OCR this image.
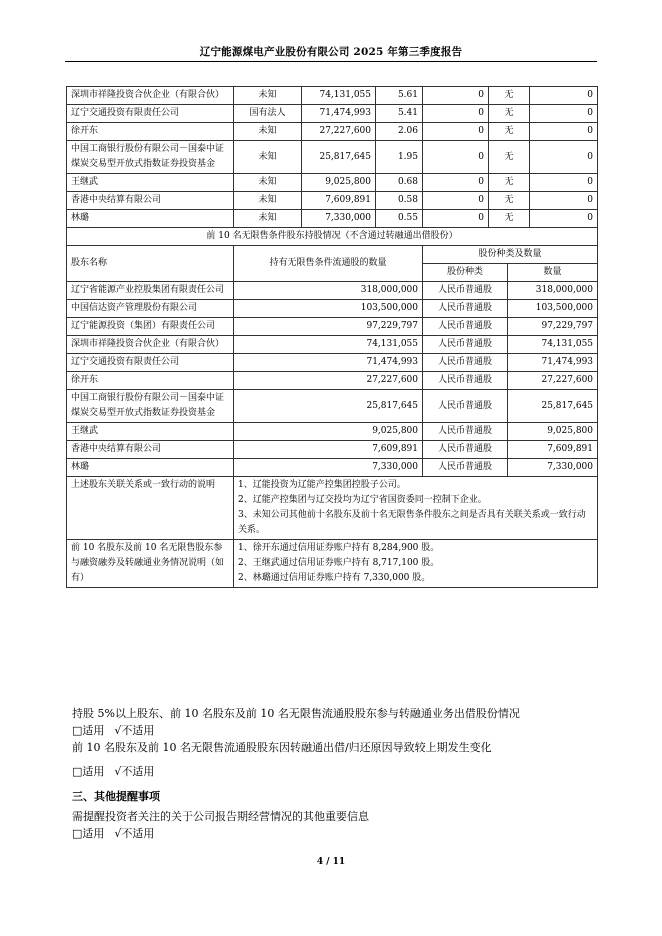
辽宁能源煤电产业股份有限公司 2025 年第三季度报告
深圳市祥隆投资合伙企业（有限合伙）	未知	74,131,055	5.61	0	无		0
辽宁交通投资有限责任公司	国有法人	71,474,993	5.41	0	无		0
徐开东	未知	27,227,600	2.06	0	无		0
中国工商银行股份有限公司－国泰中证煤炭交易型开放式指数证券投资基金	未知	25,817,645	1.95	0	无		0
王继武	未知	9,025,800	0.68	0	无		0
香港中央结算有限公司	未知	7,609,891	0.58	0	无		0
林璐	未知	7,330,000	0.55	0	无		0
前 10 名无限售条件股东持股情况（不含通过转融通出借股份）							
股东名称	持有无限售条件流通股的数量			股份种类及数量			
				股份种类		数量	
辽宁省能源产业控股集团有限责任公司	318,000,000			人民币普通股		318,000,000	
中国信达资产管理股份有限公司	103,500,000			人民币普通股		103,500,000	
辽宁能源投资（集团）有限责任公司	97,229,797			人民币普通股		97,229,797	
深圳市祥隆投资合伙企业（有限合伙）	74,131,055			人民币普通股		74,131,055	
辽宁交通投资有限责任公司	71,474,993			人民币普通股		71,474,993	
徐开东	27,227,600			人民币普通股		27,227,600	
中国工商银行股份有限公司－国泰中证煤炭交易型开放式指数证券投资基金	25,817,645			人民币普通股		25,817,645	
王继武	9,025,800			人民币普通股		9,025,800	
香港中央结算有限公司	7,609,891			人民币普通股		7,609,891	
林璐	7,330,000			人民币普通股		7,330,000	
上述股东关联关系或一致行动的说明	1、辽能投资为辽能产控集团控股子公司。
2、辽能产控集团与辽交投均为辽宁省国资委同一控制下企业。
3、未知公司其他前十名股东及前十名无限售条件股东之间是否具有关联关系或一致行动关系。						

前 10 名股东及前 10 名无限售股东参与融资融券及转融通业务情况说明（如有）	1、徐开东通过信用证券账户持有 8,284,900 股。
2、王继武通过信用证券账户持有 8,717,100 股。
2、林璐通过信用证券账户持有 7,330,000 股。						
持股 5%以上股东、前 10 名股东及前 10 名无限售流通股股东参与转融通业务出借股份情况
□适用 √不适用
前 10 名股东及前 10 名无限售流通股股东因转融通出借/归还原因导致较上期发生变化
□适用 √不适用
三、其他提醒事项
需提醒投资者关注的关于公司报告期经营情况的其他重要信息
□适用 √不适用
4 / 11
